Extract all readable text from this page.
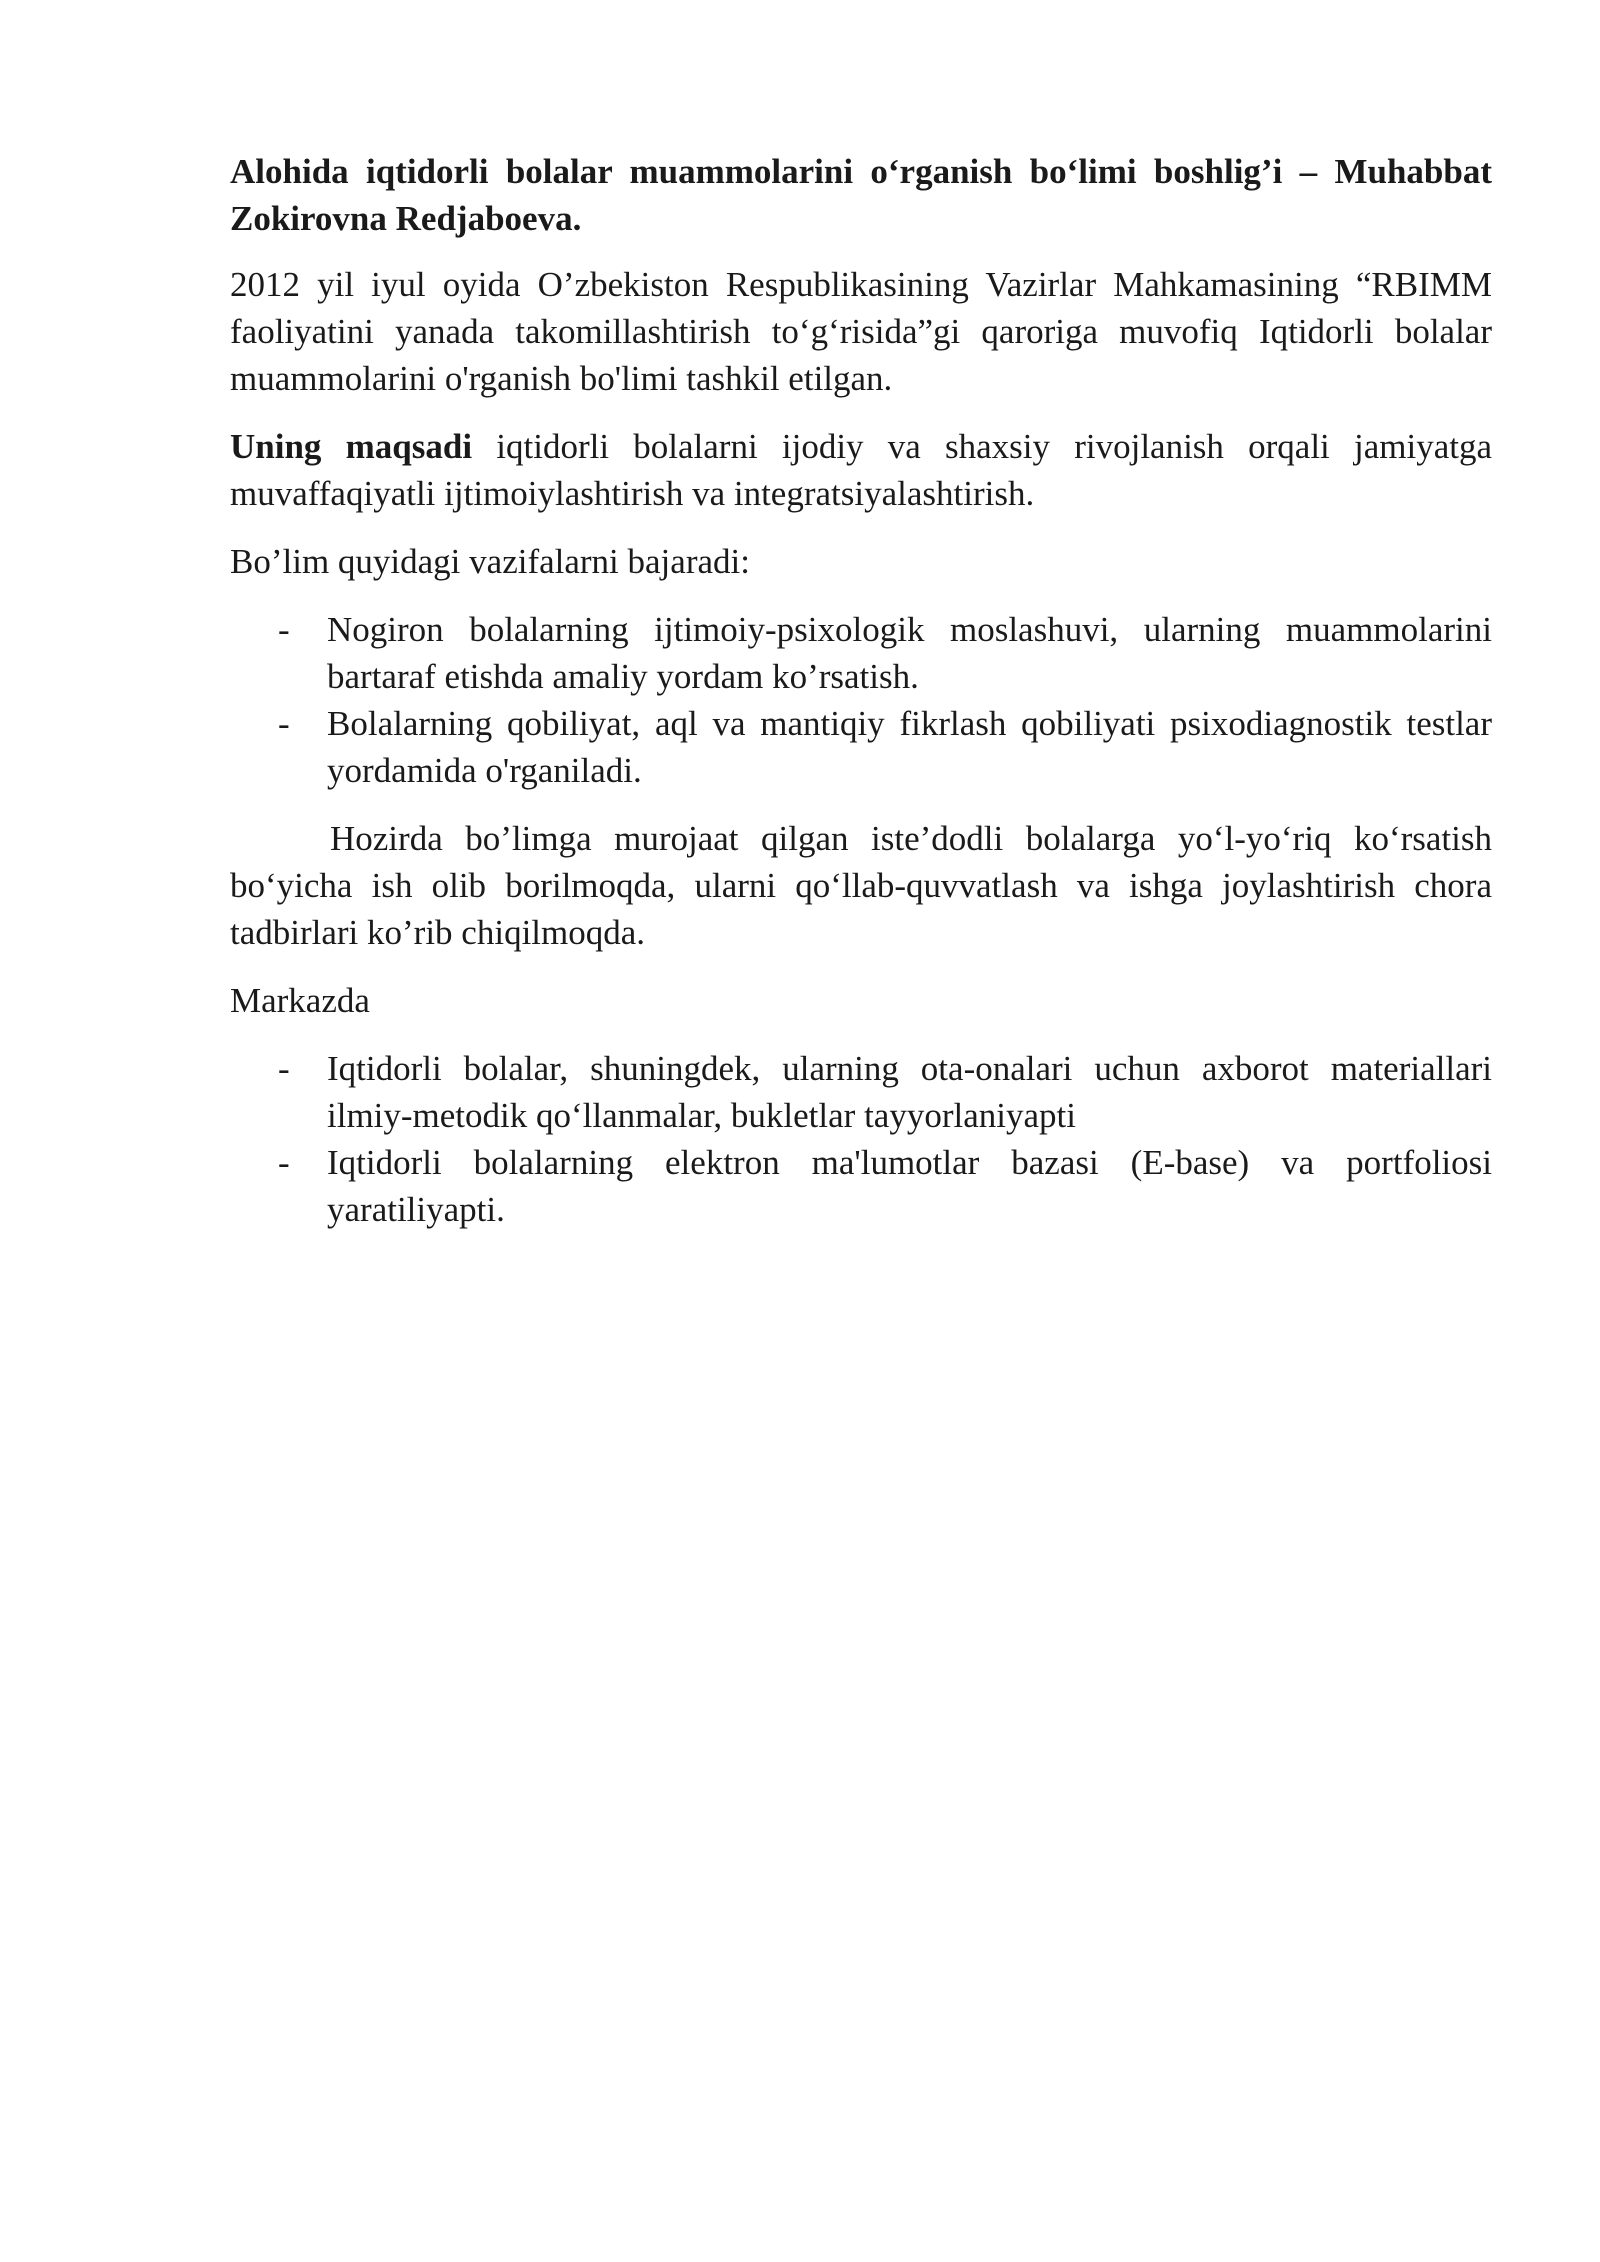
Alohida iqtidorli bolalar muammolarini o‘rganish bo‘limi boshlig’i – Muhabbat Zokirovna Redjaboeva.

2012 yil iyul oyida O’zbekiston Respublikasining Vazirlar Mahkamasining “RBIMM faoliyatini yanada takomillashtirish to‘g‘risida”gi qaroriga muvofiq Iqtidorli bolalar muammolarini o'rganish bo'limi tashkil etilgan.

Uning maqsadi iqtidorli bolalarni ijodiy va shaxsiy rivojlanish orqali jamiyatga muvaffaqiyatli ijtimoiylashtirish va integratsiyalashtirish.

Bo’lim quyidagi vazifalarni bajaradi:

- Nogiron bolalarning ijtimoiy-psixologik moslashuvi, ularning muammolarini bartaraf etishda amaliy yordam ko’rsatish.
- Bolalarning qobiliyat, aql va mantiqiy fikrlash qobiliyati psixodiagnostik testlar yordamida o'rganiladi.

Hozirda bo’limga murojaat qilgan iste’dodli bolalarga yo‘l-yo‘riq ko‘rsatish bo‘yicha ish olib borilmoqda, ularni qo‘llab-quvvatlash va ishga joylashtirish chora tadbirlari ko’rib chiqilmoqda.

Markazda

- Iqtidorli bolalar, shuningdek, ularning ota-onalari uchun axborot materiallari ilmiy-metodik qo‘llanmalar, bukletlar tayyorlaniyapti
- Iqtidorli bolalarning elektron ma'lumotlar bazasi (E-base) va portfoliosi yaratiliyapti.
